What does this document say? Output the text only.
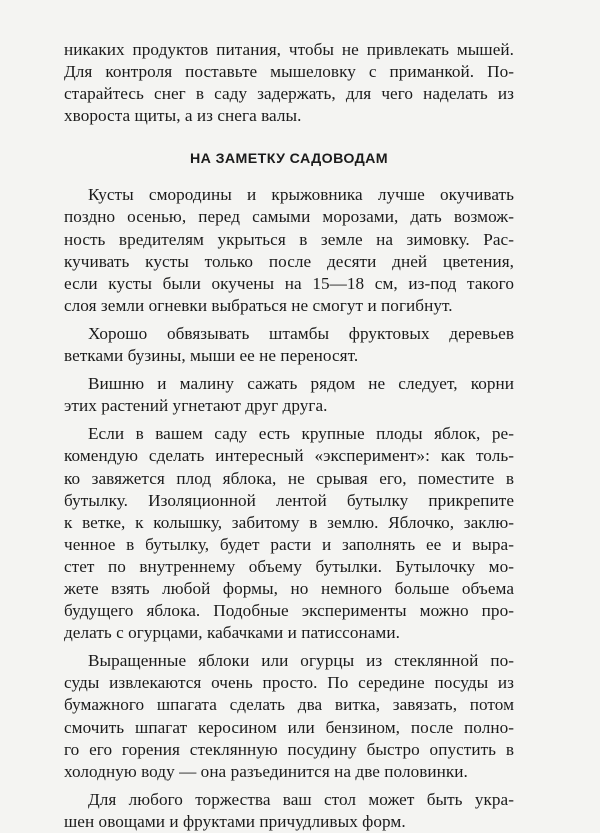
никаких продуктов питания, чтобы не привлекать мышей.
Для контроля поставьте мышеловку с приманкой. По-
старайтесь снег в саду задержать, для чего наделать из
хвороста щиты, а из снега валы.
НА ЗАМЕТКУ САДОВОДАМ
Кусты смородины и крыжовника лучше окучивать
поздно осенью, перед самыми морозами, дать возмож-
ность вредителям укрыться в земле на зимовку. Рас-
кучивать кусты только после десяти дней цветения,
если кусты были окучены на 15—18 см, из-под такого
слоя земли огневки выбраться не смогут и погибнут.
Хорошо обвязывать штамбы фруктовых деревьев
ветками бузины, мыши ее не переносят.
Вишню и малину сажать рядом не следует, корни
этих растений угнетают друг друга.
Если в вашем саду есть крупные плоды яблок, ре-
комендую сделать интересный «эксперимент»: как толь-
ко завяжется плод яблока, не срывая его, поместите в
бутылку. Изоляционной лентой бутылку прикрепите
к ветке, к колышку, забитому в землю. Яблочко, заклю-
ченное в бутылку, будет расти и заполнять ее и выра-
стет по внутреннему объему бутылки. Бутылочку мо-
жете взять любой формы, но немного больше объема
будущего яблока. Подобные эксперименты можно про-
делать с огурцами, кабачками и патиссонами.
Выращенные яблоки или огурцы из стеклянной по-
суды извлекаются очень просто. По середине посуды из
бумажного шпагата сделать два витка, завязать, потом
смочить шпагат керосином или бензином, после полно-
го его горения стеклянную посудину быстро опустить в
холодную воду — она разъединится на две половинки.
Для любого торжества ваш стол может быть укра-
шен овощами и фруктами причудливых форм.
